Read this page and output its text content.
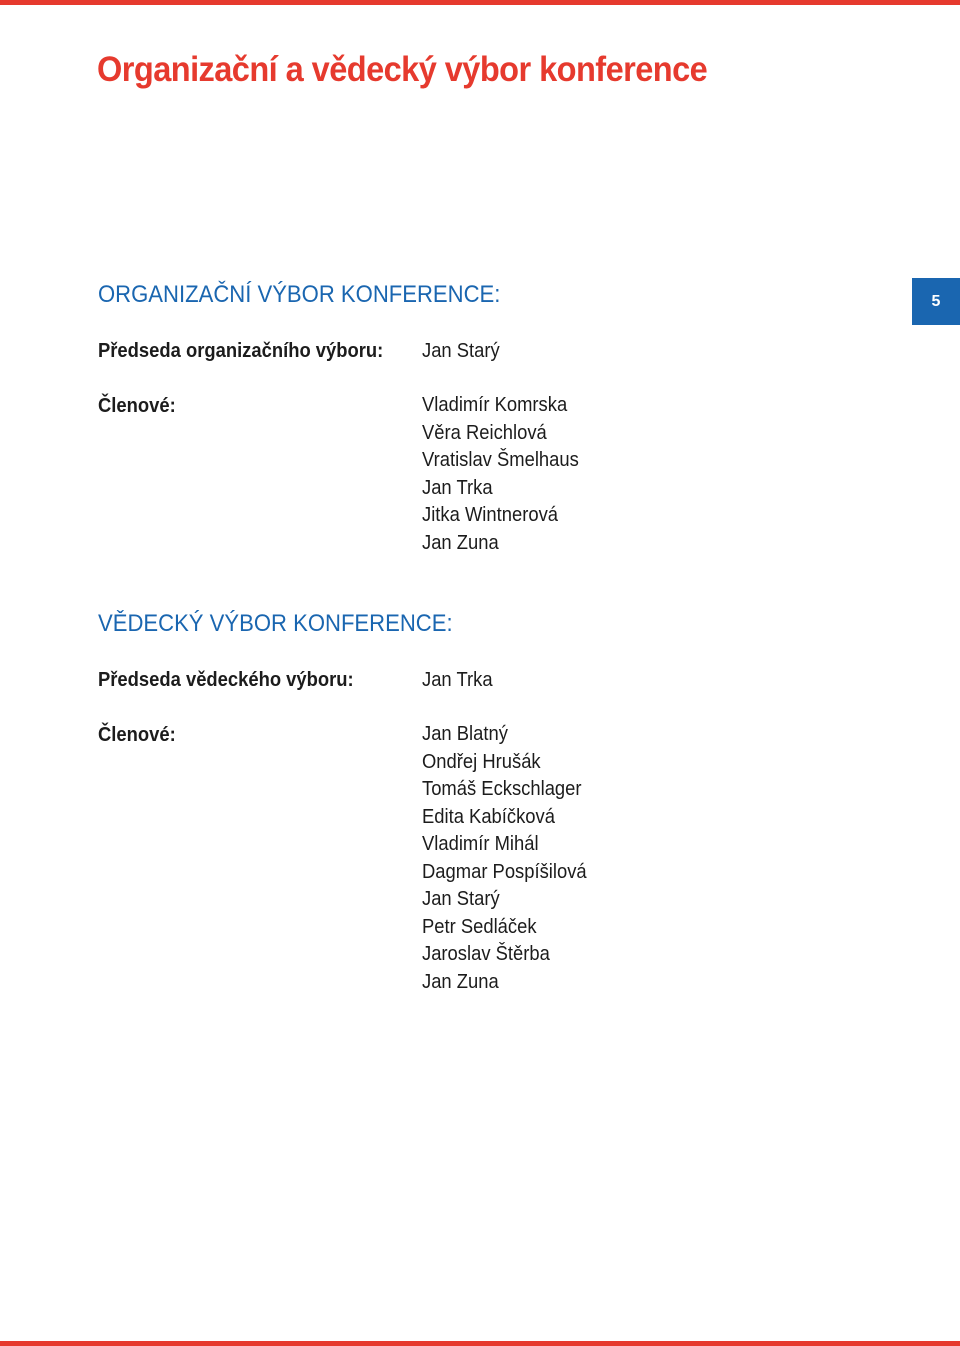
Organizační a vědecký výbor konference
5
ORGANIZAČNÍ VÝBOR KONFERENCE:
Předseda organizačního výboru: Jan Starý
Členové:	Vladimír Komrska
Věra Reichlová
Vratislav Šmelhaus
Jan Trka
Jitka Wintnerová
Jan Zuna
VĚDECKÝ VÝBOR KONFERENCE:
Předseda vědeckého výboru:	Jan Trka
Členové:	Jan Blatný
Ondřej Hrušák
Tomáš Eckschlager
Edita Kabíčková
Vladimír Mihál
Dagmar Pospíšilová
Jan Starý
Petr Sedláček
Jaroslav Štěrba
Jan Zuna
